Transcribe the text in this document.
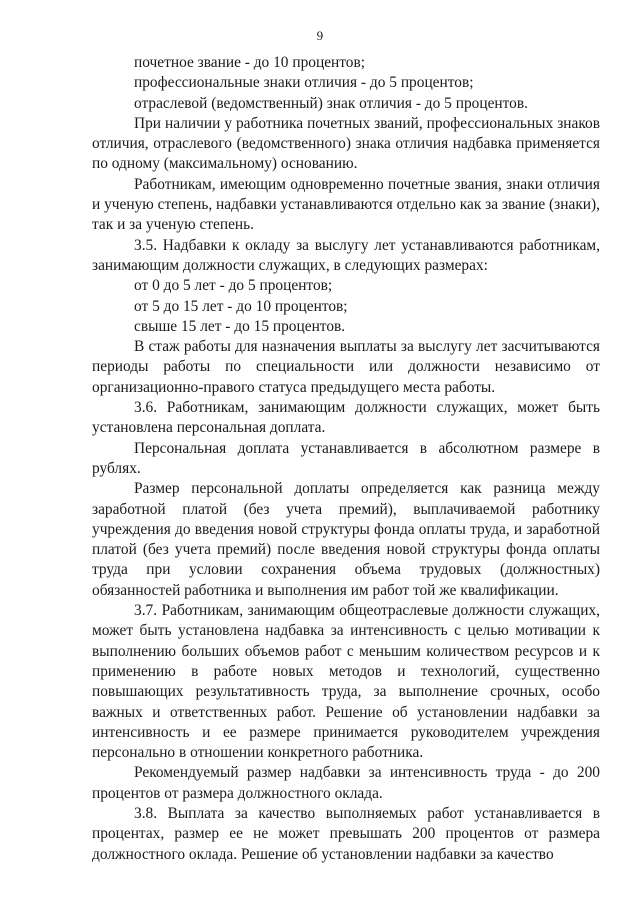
9

почетное звание - до 10 процентов;

профессиональные знаки отличия - до 5 процентов;

отраслевой (ведомственный) знак отличия - до 5 процентов.

При наличии у работника почетных званий, профессиональных знаков отличия, отраслевого (ведомственного) знака отличия надбавка применяется по одному (максимальному) основанию.

Работникам, имеющим одновременно почетные звания, знаки отличия и ученую степень, надбавки устанавливаются отдельно как за звание (знаки), так и за ученую степень.

3.5. Надбавки к окладу за выслугу лет устанавливаются работникам, занимающим должности служащих, в следующих размерах:

от 0 до 5 лет - до 5 процентов;

от 5 до 15 лет - до 10 процентов;

свыше 15 лет - до 15 процентов.

В стаж работы для назначения выплаты за выслугу лет засчитываются периоды работы по специальности или должности независимо от организационно-правого статуса предыдущего места работы.

3.6. Работникам, занимающим должности служащих, может быть установлена персональная доплата.

Персональная доплата устанавливается в абсолютном размере в рублях.

Размер персональной доплаты определяется как разница между заработной платой (без учета премий), выплачиваемой работнику учреждения до введения новой структуры фонда оплаты труда, и заработной платой (без учета премий) после введения новой структуры фонда оплаты труда при условии сохранения объема трудовых (должностных) обязанностей работника и выполнения им работ той же квалификации.

3.7. Работникам, занимающим общеотраслевые должности служащих, может быть установлена надбавка за интенсивность с целью мотивации к выполнению больших объемов работ с меньшим количеством ресурсов и к применению в работе новых методов и технологий, существенно повышающих результативность труда, за выполнение срочных, особо важных и ответственных работ. Решение об установлении надбавки за интенсивность и ее размере принимается руководителем учреждения персонально в отношении конкретного работника.

Рекомендуемый размер надбавки за интенсивность труда - до 200 процентов от размера должностного оклада.

3.8. Выплата за качество выполняемых работ устанавливается в процентах, размер ее не может превышать 200 процентов от размера должностного оклада. Решение об установлении надбавки за качество
